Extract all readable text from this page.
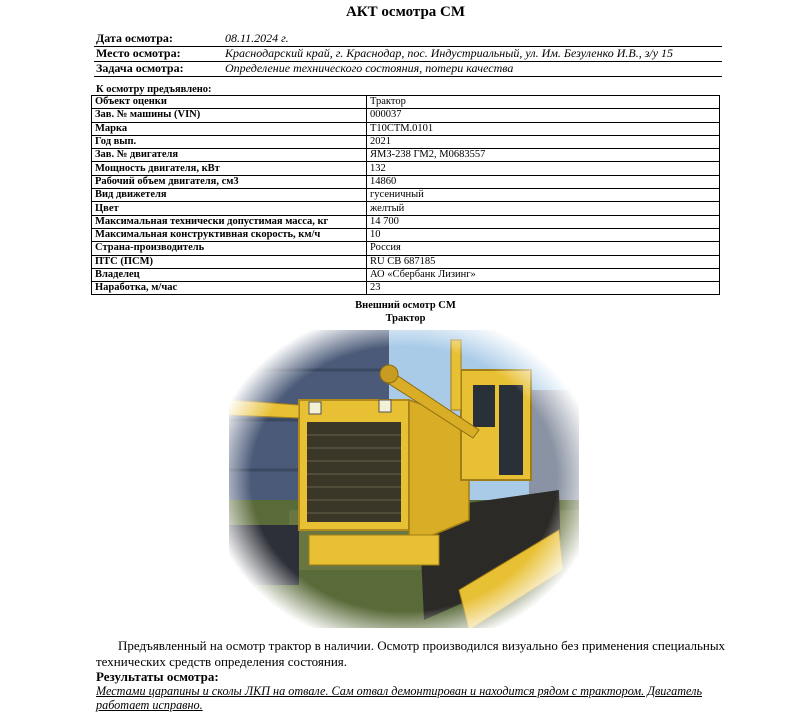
АКТ осмотра СМ
Дата осмотра:	08.11.2024 г.
Место осмотра:	Краснодарский край, г. Краснодар, пос. Индустриальный, ул. Им. Безуленко И.В., з/у 15
Задача осмотра:	Определение технического состояния, потери качества
К осмотру предъявлено:
Объект оценки	Трактор
Зав. № машины (VIN)	000037
Марка	Т10СТМ.0101
Год вып.	2021
Зав. № двигателя	ЯМЗ-238 ГМ2, М0683557
Мощность двигателя, кВт	132
Рабочий объем двигателя, см3	14860
Вид движетеля	гусеничный
Цвет	желтый
Максимальная технически допустимая масса, кг	14 700
Максимальная конструктивная скорость, км/ч	10
Страна-производитель	Россия
ПТС (ПСМ)	RU CB 687185
Владелец	АО «Сбербанк Лизинг»
Наработка, м/час	23
Внешний осмотр СМ
Трактор
Предъявленный на осмотр трактор в наличии. Осмотр производился визуально без применения специальных технических средств определения состояния.
Результаты осмотра:
Местами царапины и сколы ЛКП на отвале. Сам отвал демонтирован и находится рядом с трактором. Двигатель работает исправно.
